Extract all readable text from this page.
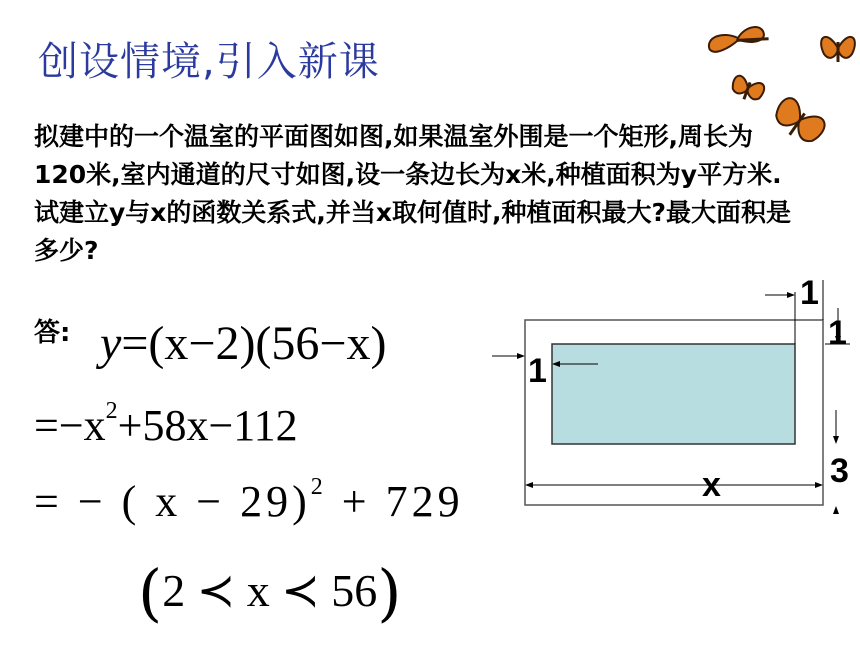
创设情境,引入新课
拟建中的一个温室的平面图如图,如果温室外围是一个矩形,周长为120米,室内通道的尺寸如图,设一条边长为x米,种植面积为y平方米.试建立y与x的函数关系式,并当x取何值时,种植面积最大?最大面积是多少?
答: y=(x−2)(56−x)
$=-x^2+58x-112$
= − ( x − 29)$^2$ + 729
(2 ≺ x ≺ 56)
1
1
1
3
x
